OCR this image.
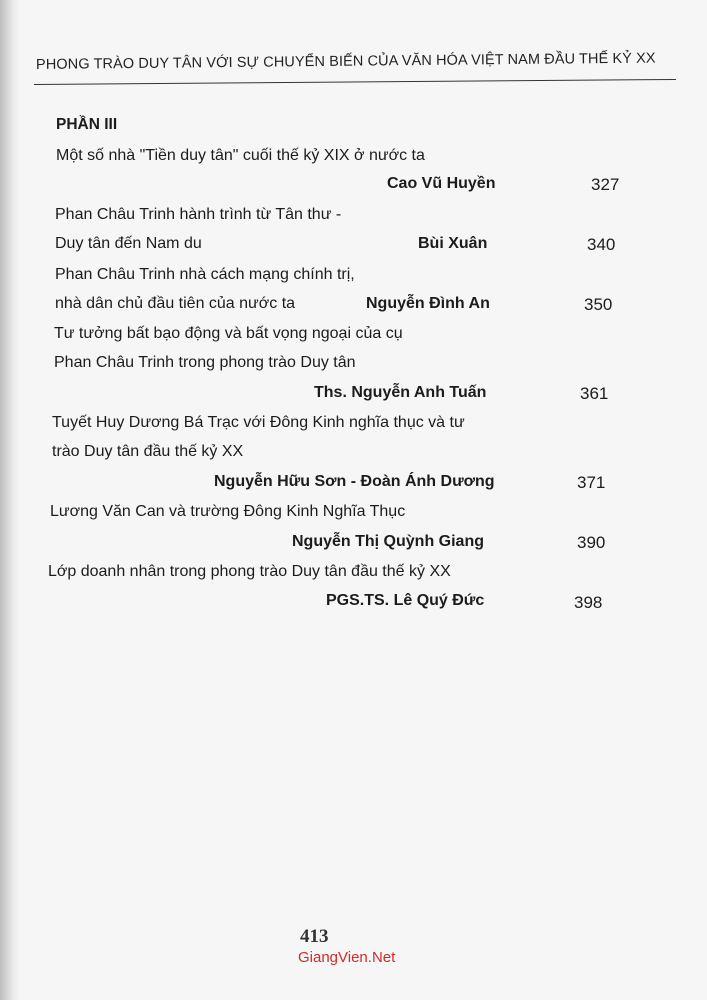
PHONG TRÀO DUY TÂN VỚI SỰ CHUYỂN BIẾN CỦA VĂN HÓA VIỆT NAM ĐẦU THẾ KỶ XX
PHẦN III
Một số nhà "Tiền duy tân" cuối thế kỷ XIX ở nước ta
Cao Vũ Huyền	327
Phan Châu Trinh hành trình từ Tân thư -
Duy tân đến Nam du	Bùi Xuân	340
Phan Châu Trinh nhà cách mạng chính trị,
nhà dân chủ đầu tiên của nước ta	Nguyễn Đình An	350
Tư tưởng bất bạo động và bất vọng ngoại của cụ
Phan Châu Trinh trong phong trào Duy tân
Ths. Nguyễn Anh Tuấn	361
Tuyết Huy Dương Bá Trạc với Đông Kinh nghĩa thục và tư
trào Duy tân đầu thế kỷ XX
Nguyễn Hữu Sơn - Đoàn Ánh Dương	371
Lương Văn Can và trường Đông Kinh Nghĩa Thục
Nguyễn Thị Quỳnh Giang	390
Lớp doanh nhân trong phong trào Duy tân đầu thế kỷ XX
PGS.TS. Lê Quý Đức	398
413
GiangVien.Net
